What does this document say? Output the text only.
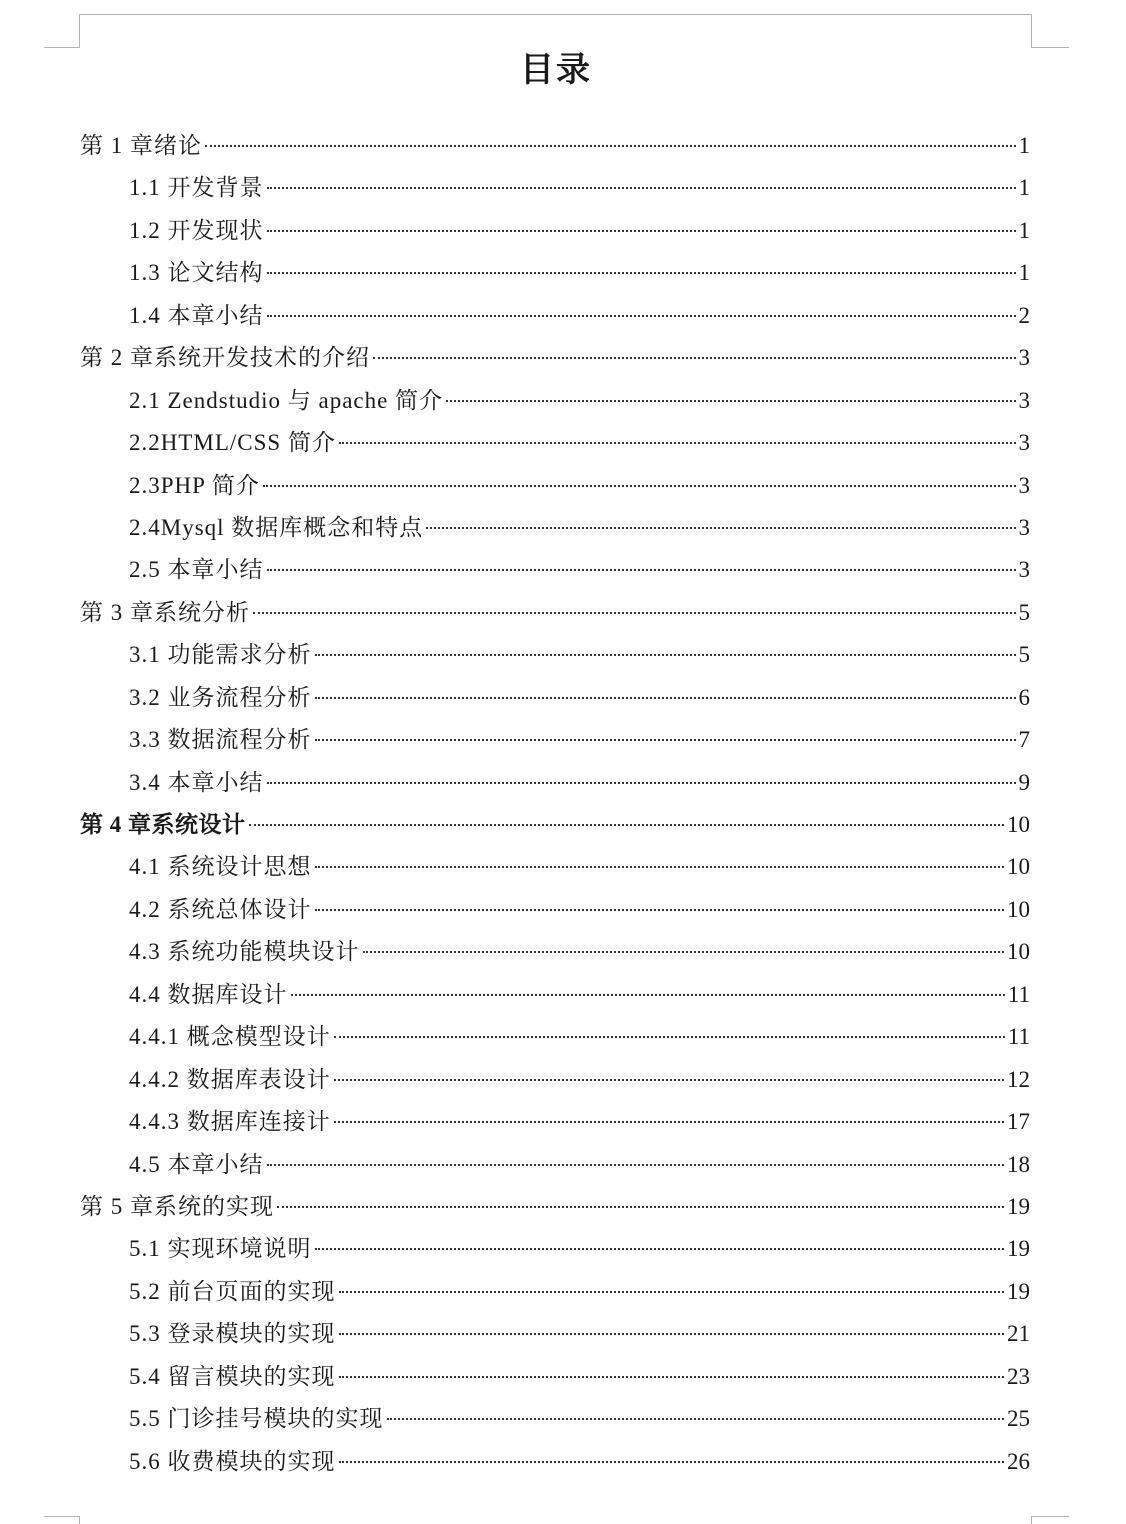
目录
第 1 章绪论	1
1.1 开发背景	1
1.2 开发现状	1
1.3 论文结构	1
1.4 本章小结	2
第 2 章系统开发技术的介绍	3
2.1 Zendstudio 与 apache 简介	3
2.2HTML/CSS 简介	3
2.3PHP 简介	3
2.4Mysql 数据库概念和特点	3
2.5 本章小结	3
第 3 章系统分析	5
3.1 功能需求分析	5
3.2 业务流程分析	6
3.3 数据流程分析	7
3.4 本章小结	9
第 4 章系统设计	10
4.1 系统设计思想	10
4.2 系统总体设计	10
4.3 系统功能模块设计	10
4.4 数据库设计	11
4.4.1 概念模型设计	11
4.4.2 数据库表设计	12
4.4.3 数据库连接计	17
4.5 本章小结	18
第 5 章系统的实现	19
5.1 实现环境说明	19
5.2 前台页面的实现	19
5.3 登录模块的实现	21
5.4 留言模块的实现	23
5.5 门诊挂号模块的实现	25
5.6 收费模块的实现	26
